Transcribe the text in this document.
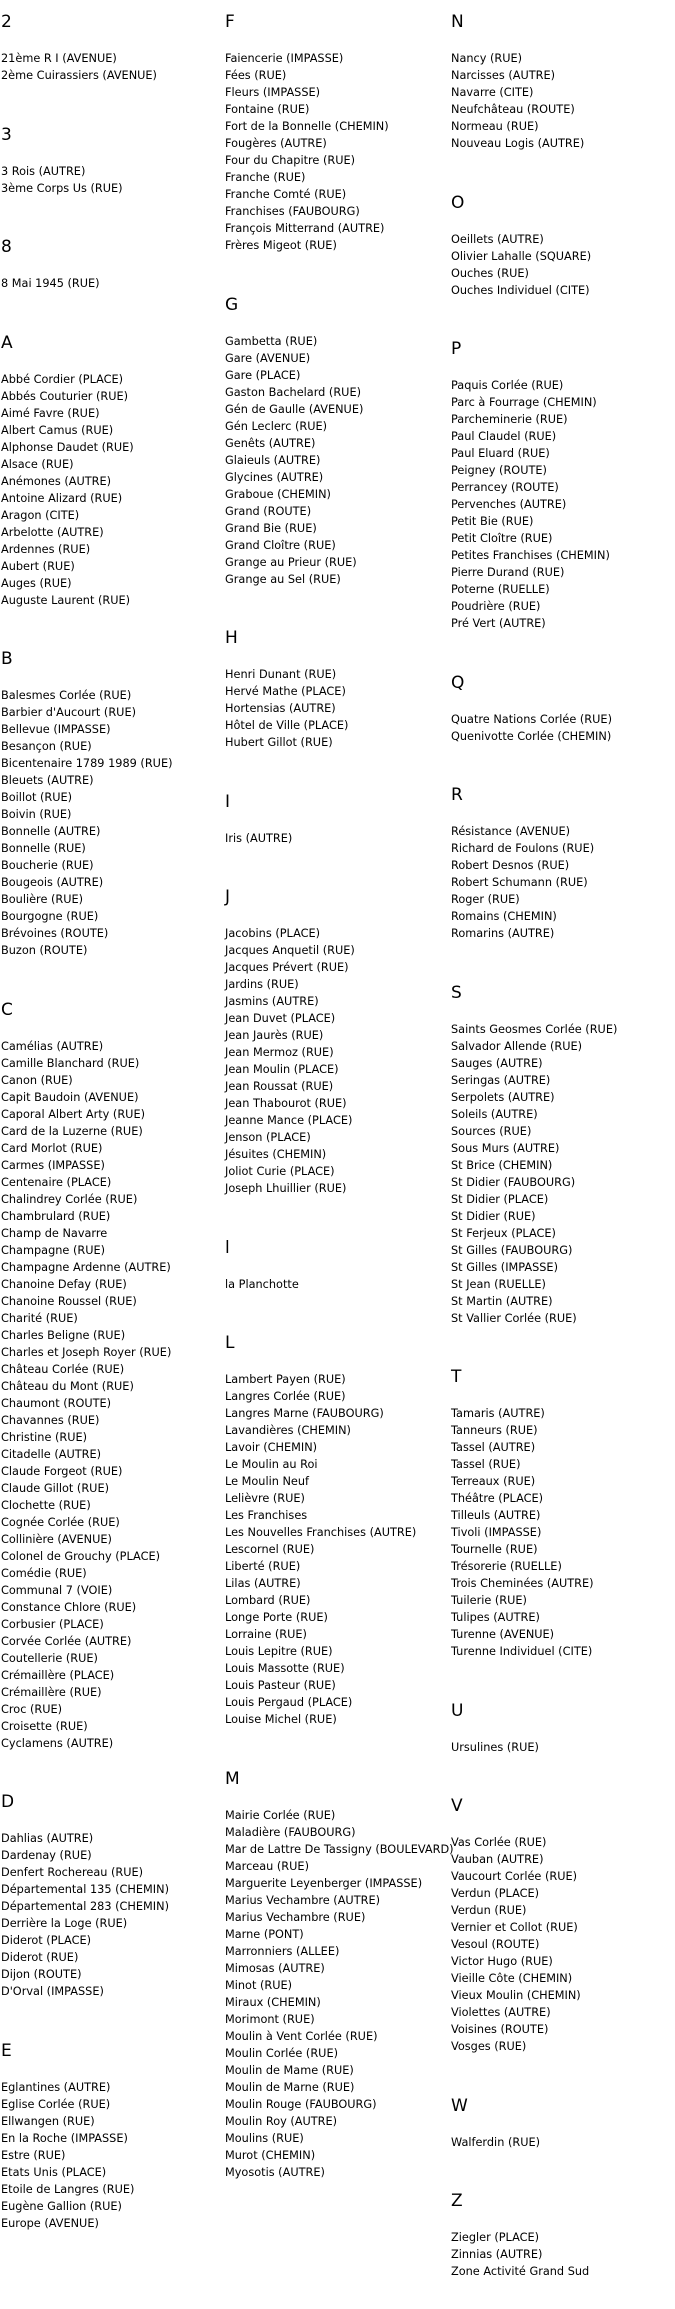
2
21ème R I (AVENUE)
2ème Cuirassiers (AVENUE)
3
3 Rois (AUTRE)
3ème Corps Us (RUE)
8
8 Mai 1945 (RUE)
A
Abbé Cordier (PLACE)
Abbés Couturier (RUE)
Aimé Favre (RUE)
Albert Camus (RUE)
Alphonse Daudet (RUE)
Alsace (RUE)
Anémones (AUTRE)
Antoine Alizard (RUE)
Aragon (CITE)
Arbelotte (AUTRE)
Ardennes (RUE)
Aubert (RUE)
Auges (RUE)
Auguste Laurent (RUE)
B
Balesmes Corlée (RUE)
Barbier d'Aucourt (RUE)
Bellevue (IMPASSE)
Besançon (RUE)
Bicentenaire 1789 1989 (RUE)
Bleuets (AUTRE)
Boillot (RUE)
Boivin (RUE)
Bonnelle (AUTRE)
Bonnelle (RUE)
Boucherie (RUE)
Bougeois (AUTRE)
Boulière (RUE)
Bourgogne (RUE)
Brévoines (ROUTE)
Buzon (ROUTE)
C
Camélias (AUTRE)
Camille Blanchard (RUE)
Canon (RUE)
Capit Baudoin (AVENUE)
Caporal Albert Arty (RUE)
Card de la Luzerne (RUE)
Card Morlot (RUE)
Carmes (IMPASSE)
Centenaire (PLACE)
Chalindrey Corlée (RUE)
Chambrulard (RUE)
Champ de Navarre
Champagne (RUE)
Champagne Ardenne (AUTRE)
Chanoine Defay (RUE)
Chanoine Roussel (RUE)
Charité (RUE)
Charles Beligne (RUE)
Charles et Joseph Royer (RUE)
Château Corlée (RUE)
Château du Mont (RUE)
Chaumont (ROUTE)
Chavannes (RUE)
Christine (RUE)
Citadelle (AUTRE)
Claude Forgeot (RUE)
Claude Gillot (RUE)
Clochette (RUE)
Cognée Corlée (RUE)
Collinière (AVENUE)
Colonel de Grouchy (PLACE)
Comédie (RUE)
Communal 7 (VOIE)
Constance Chlore (RUE)
Corbusier (PLACE)
Corvée Corlée (AUTRE)
Coutellerie (RUE)
Crémaillère (PLACE)
Crémaillère (RUE)
Croc (RUE)
Croisette (RUE)
Cyclamens (AUTRE)
D
Dahlias (AUTRE)
Dardenay (RUE)
Denfert Rochereau (RUE)
Départemental 135 (CHEMIN)
Départemental 283 (CHEMIN)
Derrière la Loge (RUE)
Diderot (PLACE)
Diderot (RUE)
Dijon (ROUTE)
D'Orval (IMPASSE)
E
Eglantines (AUTRE)
Eglise Corlée (RUE)
Ellwangen (RUE)
En la Roche (IMPASSE)
Estre (RUE)
Etats Unis (PLACE)
Etoile de Langres (RUE)
Eugène Gallion (RUE)
Europe (AVENUE)
F
Faiencerie (IMPASSE)
Fées (RUE)
Fleurs (IMPASSE)
Fontaine (RUE)
Fort de la Bonnelle (CHEMIN)
Fougères (AUTRE)
Four du Chapitre (RUE)
Franche (RUE)
Franche Comté (RUE)
Franchises (FAUBOURG)
François Mitterrand (AUTRE)
Frères Migeot (RUE)
G
Gambetta (RUE)
Gare (AVENUE)
Gare (PLACE)
Gaston Bachelard (RUE)
Gén de Gaulle (AVENUE)
Gén Leclerc (RUE)
Genêts (AUTRE)
Glaieuls (AUTRE)
Glycines (AUTRE)
Graboue (CHEMIN)
Grand (ROUTE)
Grand Bie (RUE)
Grand Cloître (RUE)
Grange au Prieur (RUE)
Grange au Sel (RUE)
H
Henri Dunant (RUE)
Hervé Mathe (PLACE)
Hortensias (AUTRE)
Hôtel de Ville (PLACE)
Hubert Gillot (RUE)
I
Iris (AUTRE)
J
Jacobins (PLACE)
Jacques Anquetil (RUE)
Jacques Prévert (RUE)
Jardins (RUE)
Jasmins (AUTRE)
Jean Duvet (PLACE)
Jean Jaurès (RUE)
Jean Mermoz (RUE)
Jean Moulin (PLACE)
Jean Roussat (RUE)
Jean Thabourot (RUE)
Jeanne Mance (PLACE)
Jenson (PLACE)
Jésuites (CHEMIN)
Joliot Curie (PLACE)
Joseph Lhuillier (RUE)
l
la Planchotte
L
Lambert Payen (RUE)
Langres Corlée (RUE)
Langres Marne (FAUBOURG)
Lavandières (CHEMIN)
Lavoir (CHEMIN)
Le Moulin au Roi
Le Moulin Neuf
Lelièvre (RUE)
Les Franchises
Les Nouvelles Franchises (AUTRE)
Lescornel (RUE)
Liberté (RUE)
Lilas (AUTRE)
Lombard (RUE)
Longe Porte (RUE)
Lorraine (RUE)
Louis Lepitre (RUE)
Louis Massotte (RUE)
Louis Pasteur (RUE)
Louis Pergaud (PLACE)
Louise Michel (RUE)
M
Mairie Corlée (RUE)
Maladière (FAUBOURG)
Mar de Lattre De Tassigny (BOULEVARD)
Marceau (RUE)
Marguerite Leyenberger (IMPASSE)
Marius Vechambre (AUTRE)
Marius Vechambre (RUE)
Marne (PONT)
Marronniers (ALLEE)
Mimosas (AUTRE)
Minot (RUE)
Miraux (CHEMIN)
Morimont (RUE)
Moulin à Vent Corlée (RUE)
Moulin Corlée (RUE)
Moulin de Mame (RUE)
Moulin de Marne (RUE)
Moulin Rouge (FAUBOURG)
Moulin Roy (AUTRE)
Moulins (RUE)
Murot (CHEMIN)
Myosotis (AUTRE)
N
Nancy (RUE)
Narcisses (AUTRE)
Navarre (CITE)
Neufchâteau (ROUTE)
Normeau (RUE)
Nouveau Logis (AUTRE)
O
Oeillets (AUTRE)
Olivier Lahalle (SQUARE)
Ouches (RUE)
Ouches Individuel (CITE)
P
Paquis Corlée (RUE)
Parc à Fourrage (CHEMIN)
Parcheminerie (RUE)
Paul Claudel (RUE)
Paul Eluard (RUE)
Peigney (ROUTE)
Perrancey (ROUTE)
Pervenches (AUTRE)
Petit Bie (RUE)
Petit Cloître (RUE)
Petites Franchises (CHEMIN)
Pierre Durand (RUE)
Poterne (RUELLE)
Poudrière (RUE)
Pré Vert (AUTRE)
Q
Quatre Nations Corlée (RUE)
Quenivotte Corlée (CHEMIN)
R
Résistance (AVENUE)
Richard de Foulons (RUE)
Robert Desnos (RUE)
Robert Schumann (RUE)
Roger (RUE)
Romains (CHEMIN)
Romarins (AUTRE)
S
Saints Geosmes Corlée (RUE)
Salvador Allende (RUE)
Sauges (AUTRE)
Seringas (AUTRE)
Serpolets (AUTRE)
Soleils (AUTRE)
Sources (RUE)
Sous Murs (AUTRE)
St Brice (CHEMIN)
St Didier (FAUBOURG)
St Didier (PLACE)
St Didier (RUE)
St Ferjeux (PLACE)
St Gilles (FAUBOURG)
St Gilles (IMPASSE)
St Jean (RUELLE)
St Martin (AUTRE)
St Vallier Corlée (RUE)
T
Tamaris (AUTRE)
Tanneurs (RUE)
Tassel (AUTRE)
Tassel (RUE)
Terreaux (RUE)
Théâtre (PLACE)
Tilleuls (AUTRE)
Tivoli (IMPASSE)
Tournelle (RUE)
Trésorerie (RUELLE)
Trois Cheminées (AUTRE)
Tuilerie (RUE)
Tulipes (AUTRE)
Turenne (AVENUE)
Turenne Individuel (CITE)
U
Ursulines (RUE)
V
Vas Corlée (RUE)
Vauban (AUTRE)
Vaucourt Corlée (RUE)
Verdun (PLACE)
Verdun (RUE)
Vernier et Collot (RUE)
Vesoul (ROUTE)
Victor Hugo (RUE)
Vieille Côte (CHEMIN)
Vieux Moulin (CHEMIN)
Violettes (AUTRE)
Voisines (ROUTE)
Vosges (RUE)
W
Walferdin (RUE)
Z
Ziegler (PLACE)
Zinnias (AUTRE)
Zone Activité Grand Sud
